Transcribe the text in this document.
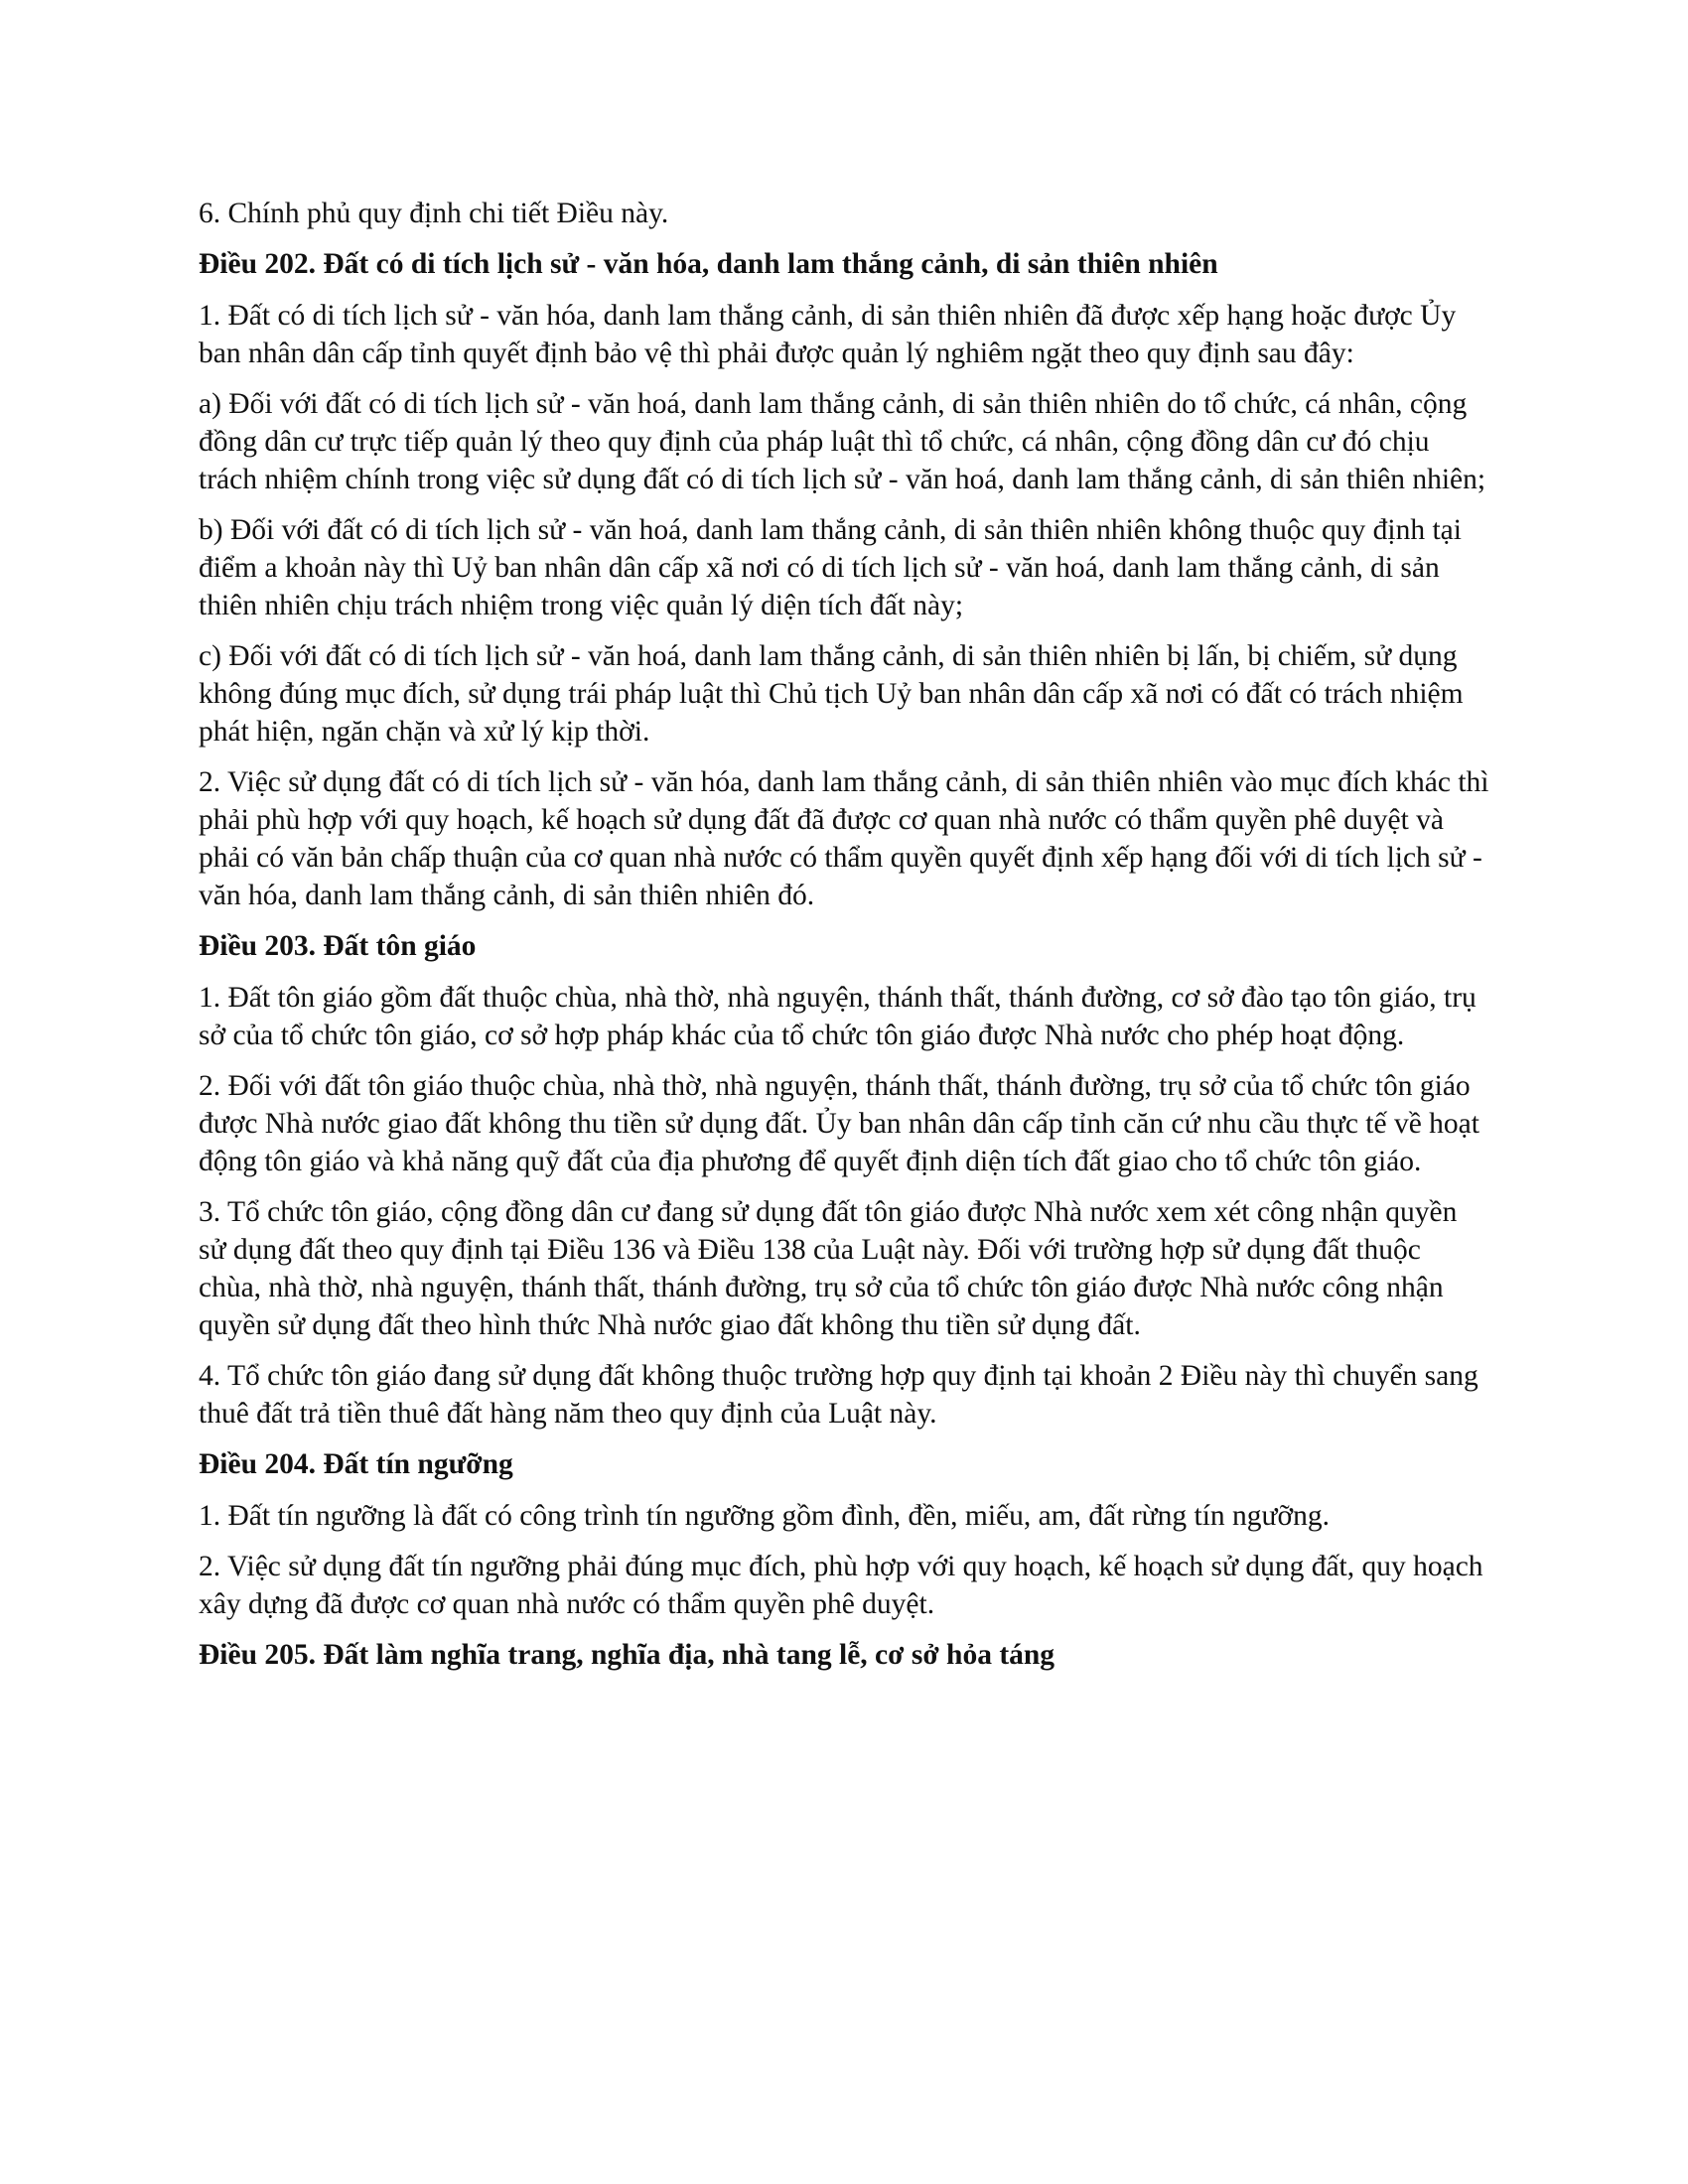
6. Chính phủ quy định chi tiết Điều này.

Điều 202. Đất có di tích lịch sử - văn hóa, danh lam thắng cảnh, di sản thiên nhiên

1. Đất có di tích lịch sử - văn hóa, danh lam thắng cảnh, di sản thiên nhiên đã được xếp hạng hoặc được Ủy ban nhân dân cấp tỉnh quyết định bảo vệ thì phải được quản lý nghiêm ngặt theo quy định sau đây:

a) Đối với đất có di tích lịch sử - văn hoá, danh lam thắng cảnh, di sản thiên nhiên do tổ chức, cá nhân, cộng đồng dân cư trực tiếp quản lý theo quy định của pháp luật thì tổ chức, cá nhân, cộng đồng dân cư đó chịu trách nhiệm chính trong việc sử dụng đất có di tích lịch sử - văn hoá, danh lam thắng cảnh, di sản thiên nhiên;

b) Đối với đất có di tích lịch sử - văn hoá, danh lam thắng cảnh, di sản thiên nhiên không thuộc quy định tại điểm a khoản này thì Uỷ ban nhân dân cấp xã nơi có di tích lịch sử - văn hoá, danh lam thắng cảnh, di sản thiên nhiên chịu trách nhiệm trong việc quản lý diện tích đất này;

c) Đối với đất có di tích lịch sử - văn hoá, danh lam thắng cảnh, di sản thiên nhiên bị lấn, bị chiếm, sử dụng không đúng mục đích, sử dụng trái pháp luật thì Chủ tịch Uỷ ban nhân dân cấp xã nơi có đất có trách nhiệm phát hiện, ngăn chặn và xử lý kịp thời.

2. Việc sử dụng đất có di tích lịch sử - văn hóa, danh lam thắng cảnh, di sản thiên nhiên vào mục đích khác thì phải phù hợp với quy hoạch, kế hoạch sử dụng đất đã được cơ quan nhà nước có thẩm quyền phê duyệt và phải có văn bản chấp thuận của cơ quan nhà nước có thẩm quyền quyết định xếp hạng đối với di tích lịch sử - văn hóa, danh lam thắng cảnh, di sản thiên nhiên đó.

Điều 203. Đất tôn giáo

1. Đất tôn giáo gồm đất thuộc chùa, nhà thờ, nhà nguyện, thánh thất, thánh đường, cơ sở đào tạo tôn giáo, trụ sở của tổ chức tôn giáo, cơ sở hợp pháp khác của tổ chức tôn giáo được Nhà nước cho phép hoạt động.

2. Đối với đất tôn giáo thuộc chùa, nhà thờ, nhà nguyện, thánh thất, thánh đường, trụ sở của tổ chức tôn giáo được Nhà nước giao đất không thu tiền sử dụng đất. Ủy ban nhân dân cấp tỉnh căn cứ nhu cầu thực tế về hoạt động tôn giáo và khả năng quỹ đất của địa phương để quyết định diện tích đất giao cho tổ chức tôn giáo.

3. Tổ chức tôn giáo, cộng đồng dân cư đang sử dụng đất tôn giáo được Nhà nước xem xét công nhận quyền sử dụng đất theo quy định tại Điều 136 và Điều 138 của Luật này. Đối với trường hợp sử dụng đất thuộc chùa, nhà thờ, nhà nguyện, thánh thất, thánh đường, trụ sở của tổ chức tôn giáo được Nhà nước công nhận quyền sử dụng đất theo hình thức Nhà nước giao đất không thu tiền sử dụng đất.

4. Tổ chức tôn giáo đang sử dụng đất không thuộc trường hợp quy định tại khoản 2 Điều này thì chuyển sang thuê đất trả tiền thuê đất hàng năm theo quy định của Luật này.

Điều 204. Đất tín ngưỡng

1. Đất tín ngưỡng là đất có công trình tín ngưỡng gồm đình, đền, miếu, am, đất rừng tín ngưỡng.

2. Việc sử dụng đất tín ngưỡng phải đúng mục đích, phù hợp với quy hoạch, kế hoạch sử dụng đất, quy hoạch xây dựng đã được cơ quan nhà nước có thẩm quyền phê duyệt.

Điều 205. Đất làm nghĩa trang, nghĩa địa, nhà tang lễ, cơ sở hỏa táng
